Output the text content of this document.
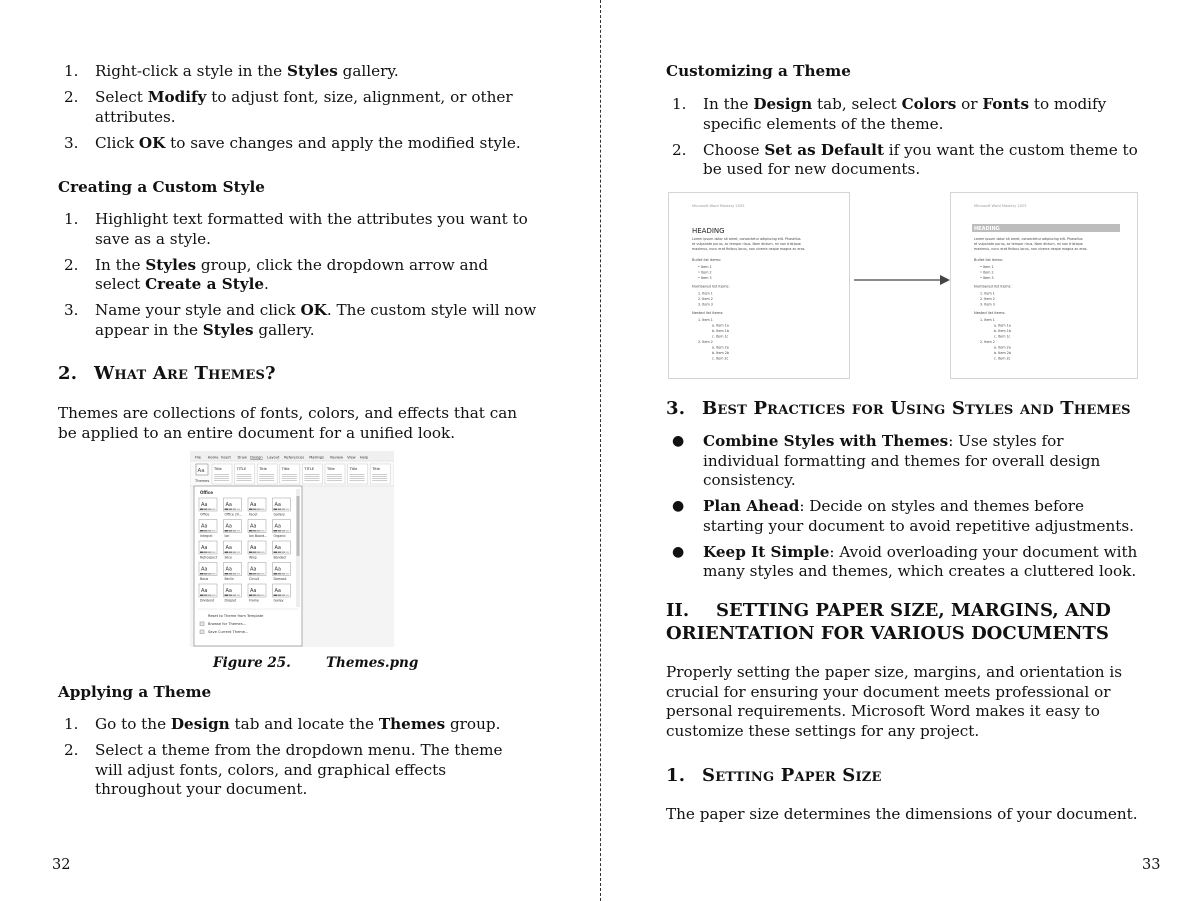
1. Right-click a style in the Styles gallery.
2. Select Modify to adjust font, size, alignment, or other attributes.
3. Click OK to save changes and apply the modified style.
Creating a Custom Style
1. Highlight text formatted with the attributes you want to save as a style.
2. In the Styles group, click the dropdown arrow and select Create a Style.
3. Name your style and click OK. The custom style will now appear in the Styles gallery.
2. What Are Themes?

Themes are collections of fonts, colors, and effects that can be applied to an entire document for a unified look.

File Home Insert Draw Design Layout References Mailings Review View Help
Aa
Themes
Title	TITLE	Title	Title	TITLE	Title	Title	Title
Office
Aa
Office
Aa
Office 20...
Aa
Facet
Aa
Gallery
Aa
Integral
Aa
Ion
Aa
Ion Board...
Aa
Organic
Aa
Retrospect
Aa
Slice
Aa
Wisp
Aa
Banded
Aa
Basis
Aa
Berlin
Aa
Circuit
Aa
Damask
Aa
Dividend
Aa
Droplet
Aa
Frame
Aa
Galley
Reset to Theme from Template
Browse for Themes...
Save Current Theme...
Figure 25.	Themes.png
Applying a Theme
1. Go to the Design tab and locate the Themes group.
2. Select a theme from the dropdown menu. The theme will adjust fonts, colors, and graphical effects throughout your document.
32
Customizing a Theme
1. In the Design tab, select Colors or Fonts to modify specific elements of the theme.
2. Choose Set as Default if you want the custom theme to be used for new documents.
Microsoft Word Mastery 2025
HEADING
Lorem ipsum dolor sit amet, consectetur adipiscing elit. Phasellus
et vulputate purus, ac tempor risus. Nam dictum, mi non tristique
maximus, nunc erat finibus lacus, non viverra neque magna ac eros.
Bullet list items:
• Item 1
• Item 2
• Item 3
Numbered list items:
1. Item 1
2. Item 2
3. Item 3
Nested list items:
1. Item 1
a. Item 1a
b. Item 1b
c. Item 1c
2. Item 2
a. Item 2a
b. Item 2b
c. Item 2c
Microsoft Word Mastery 2025
HEADING
Lorem ipsum dolor sit amet, consectetur adipiscing elit. Phasellus
et vulputate purus, ac tempor risus. Nam dictum, mi non tristique
maximus, nunc erat finibus lacus, non viverra neque magna ac eros.
Bullet list items:
• Item 1
• Item 2
• Item 3
Numbered list items:
1. Item 1
2. Item 2
3. Item 3
Nested list items:
1. Item 1
a. Item 1a
b. Item 1b
c. Item 1c
2. Item 2
a. Item 2a
b. Item 2b
c. Item 2c
3. Best Practices for Using Styles and Themes
● Combine Styles with Themes: Use styles for individual formatting and themes for overall design consistency.
● Plan Ahead: Decide on styles and themes before starting your document to avoid repetitive adjustments.
● Keep It Simple: Avoid overloading your document with many styles and themes, which creates a cluttered look.
II. SETTING PAPER SIZE, MARGINS, AND
ORIENTATION FOR VARIOUS DOCUMENTS

Properly setting the paper size, margins, and orientation is crucial for ensuring your document meets professional or personal requirements. Microsoft Word makes it easy to customize these settings for any project.

1. Setting Paper Size

The paper size determines the dimensions of your document.

33
